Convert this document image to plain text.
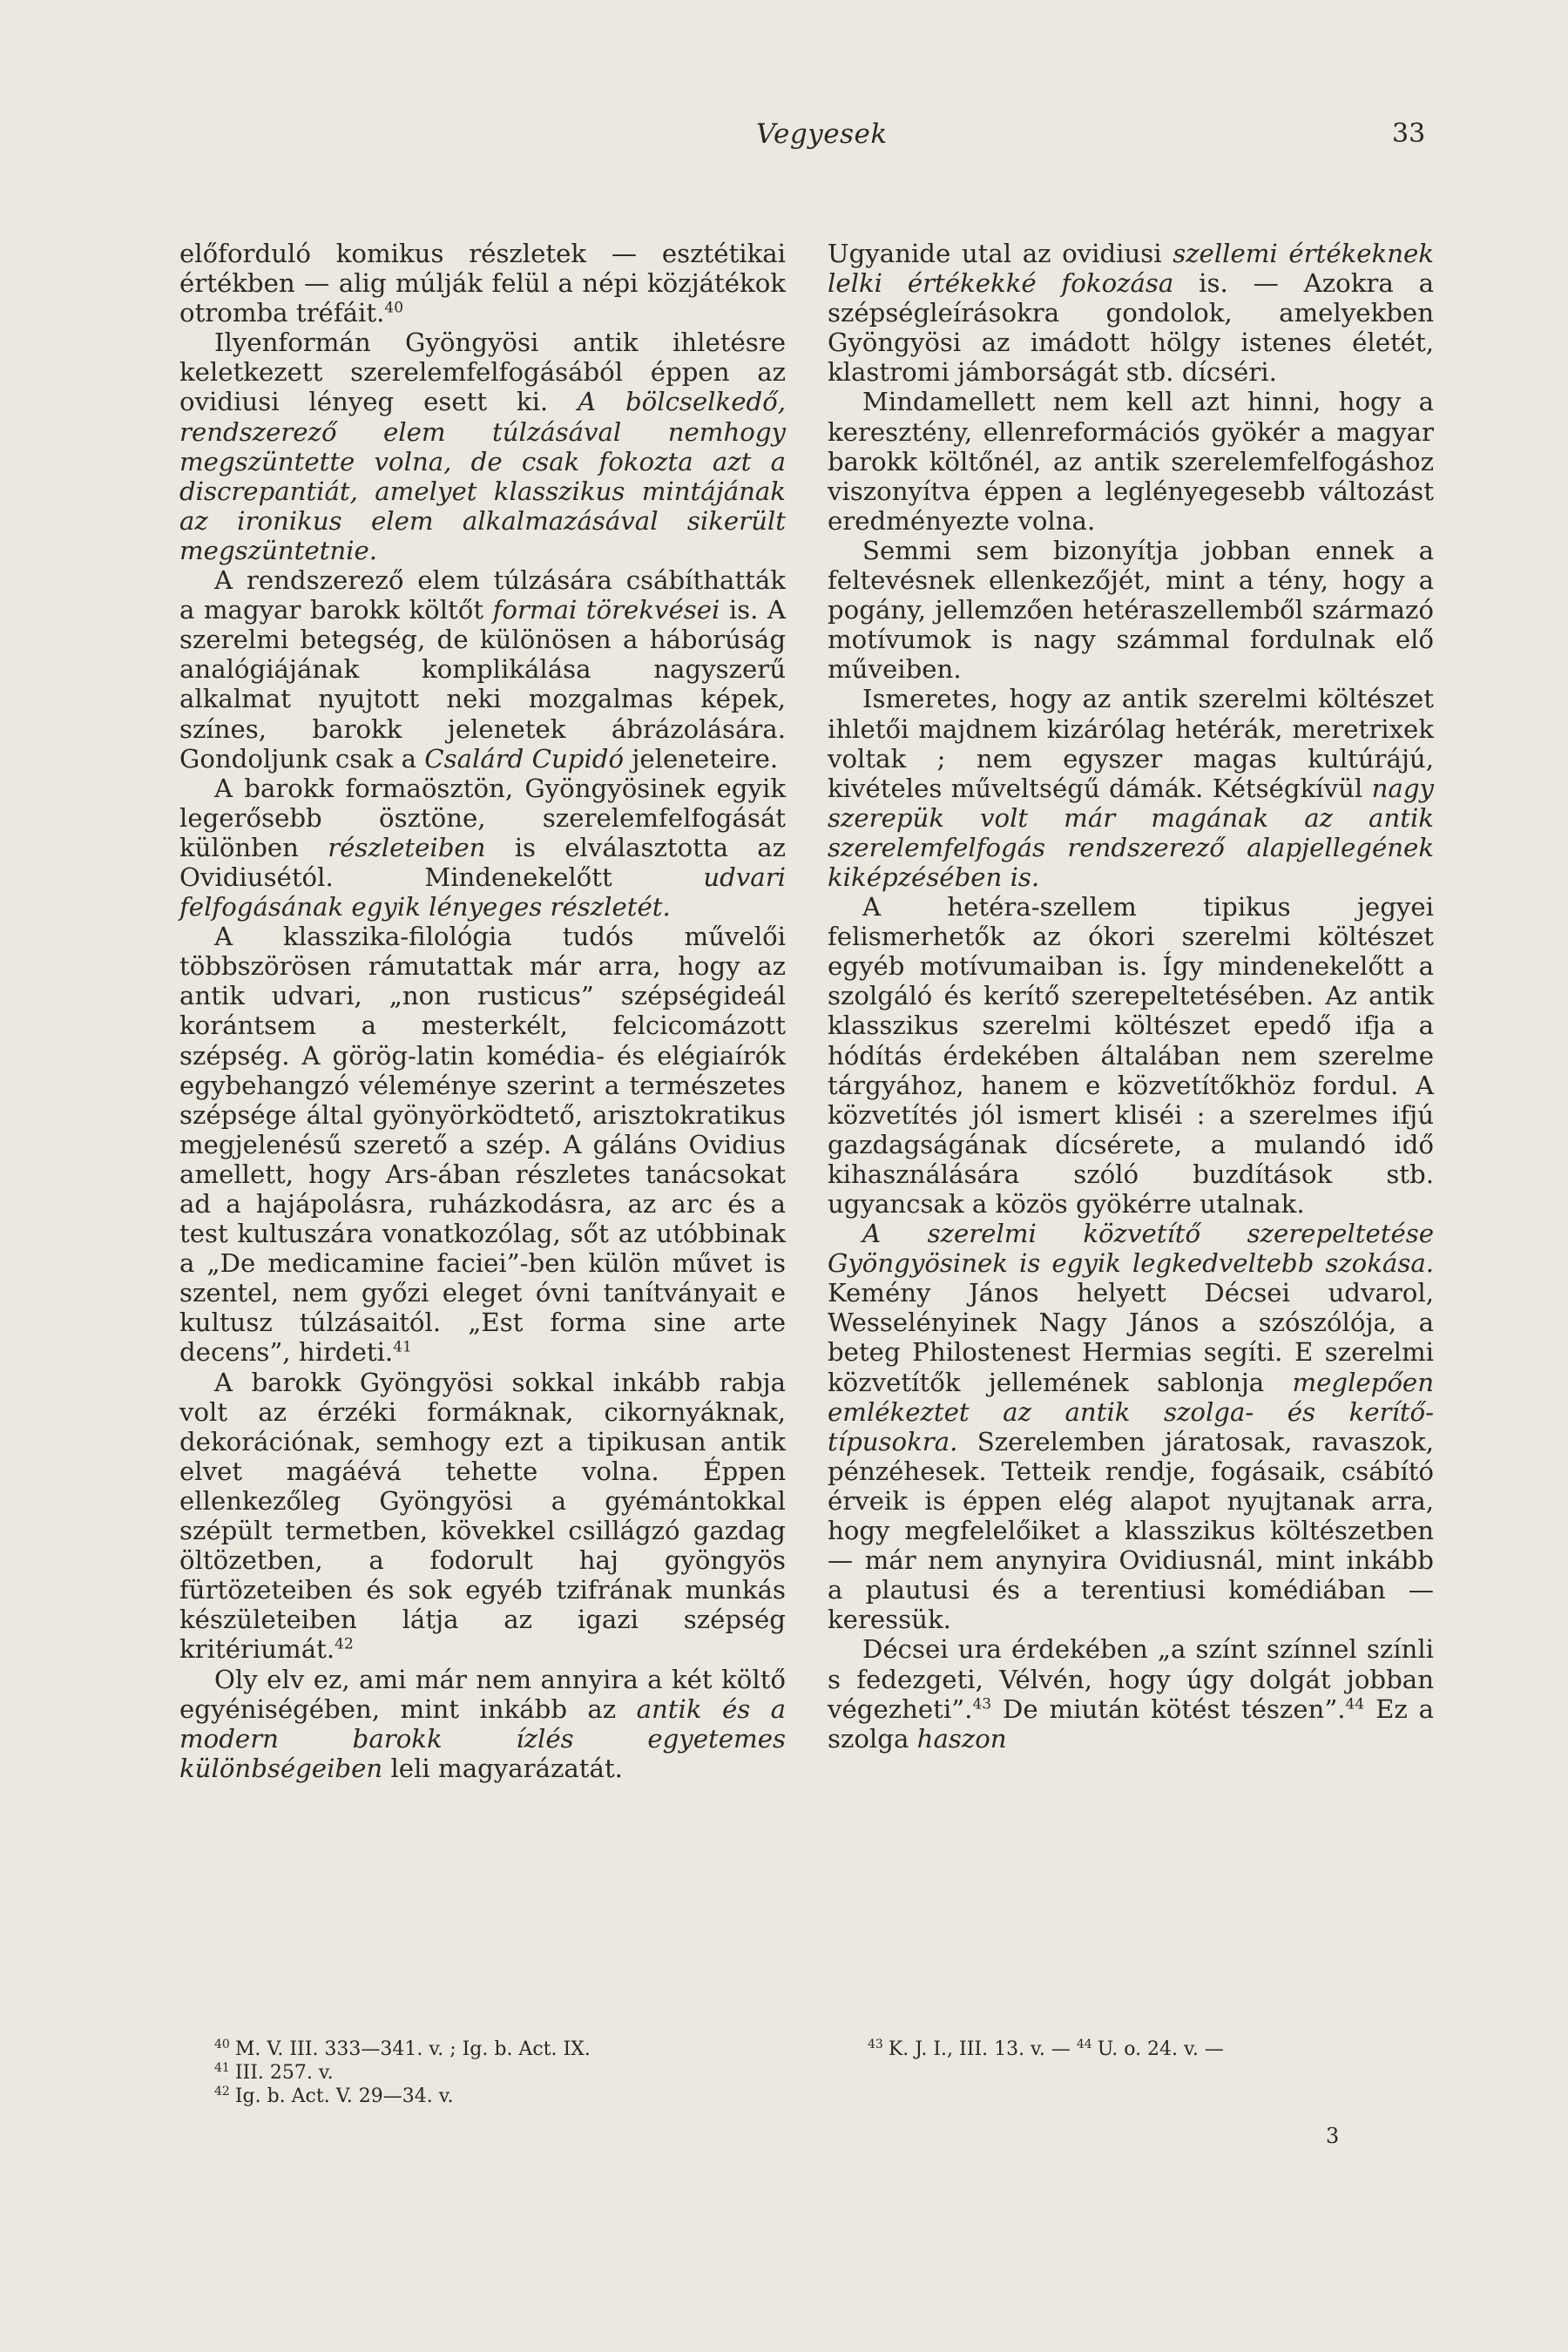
Vegyesek	33

előforduló komikus részletek — esztétikai értékben — alig múlják felül a népi közjátékok otromba tréfáit.$^{40}$

Ilyenformán Gyöngyösi antik ihletésre keletkezett szerelemfelfogásából éppen az ovidiusi lényeg esett ki. A bölcselkedő, rendszerező elem túlzásával nemhogy megszüntette volna, de csak fokozta azt a discrepantiát, amelyet klasszikus mintájának az ironikus elem alkalmazásával sikerült megszüntetnie.

A rendszerező elem túlzására csábíthatták a magyar barokk költőt formai törekvései is. A szerelmi betegség, de különösen a háborúság analógiájának komplikálása nagyszerű alkalmat nyujtott neki mozgalmas képek, színes, barokk jelenetek ábrázolására. Gondoljunk csak a Csalárd Cupidó jeleneteire.

A barokk formaösztön, Gyöngyösinek egyik legerősebb ösztöne, szerelemfelfogását különben részleteiben is elválasztotta az Ovidiusétól. Mindenekelőtt	udvari felfogásának egyik lényeges részletét.

A klasszika-filológia tudós művelői többszörösen rámutattak már arra, hogy az antik udvari, „non rusticus” szépségideál korántsem a mesterkélt, felcicomázott szépség. A görög-latin komédia- és elégiaírók egybehangzó véleménye szerint a természetes szépsége által gyönyörködtető, arisztokratikus megjelenésű szerető a szép. A gáláns Ovidius amellett, hogy Ars-ában részletes tanácsokat ad a hajápolásra, ruházkodásra, az arc és a test kultuszára vonatkozólag, sőt az utóbbinak a „De medicamine faciei”-ben külön művet is szentel, nem győzi eleget óvni tanítványait e kultusz túlzásaitól. „Est forma sine arte decens”, hirdeti.$^{41}$

A barokk Gyöngyösi sokkal inkább rabja volt az érzéki formáknak, cikornyáknak, dekorációnak, semhogy ezt a tipikusan antik elvet magáévá tehette volna. Éppen ellenkezőleg Gyöngyösi a gyémántokkal szépült termetben, kövekkel csillágzó gazdag öltözetben, a fodorult haj gyöngyös fürtözeteiben és sok egyéb tzifrának munkás készületeiben látja az igazi szépség kritériumát.$^{42}$

Oly elv ez, ami már nem annyira a két költő egyéniségében, mint inkább az antik és a modern barokk ízlés egyetemes különbségeiben leli magyarázatát.

Ugyanide utal az ovidiusi szellemi értékeknek lelki értékekké fokozása is. — Azokra a szépségleírásokra gondolok, amelyekben Gyöngyösi az imádott hölgy istenes életét, klastromi jámborságát stb. dícséri.

Mindamellett nem kell azt hinni, hogy a keresztény, ellenreformációs gyökér a magyar barokk költőnél, az antik szerelemfelfogáshoz viszonyítva éppen a leglényegesebb változást eredményezte volna.

Semmi sem bizonyítja jobban ennek a feltevésnek ellenkezőjét, mint a tény, hogy a pogány, jellemzően hetéraszellemből származó motívumok is nagy számmal fordulnak elő műveiben.

Ismeretes, hogy az antik szerelmi költészet ihletői majdnem kizárólag hetérák, meretrixek voltak ; nem egyszer magas kultúrájú, kivételes műveltségű dámák. Kétségkívül nagy szerepük volt már magának az antik szerelemfelfogás rendszerező alapjellegének kiképzésében is.

A hetéra-szellem tipikus jegyei felismerhetők az ókori szerelmi költészet egyéb motívumaiban is. Így mindenekelőtt a szolgáló és kerítő szerepeltetésében. Az antik klasszikus szerelmi költészet epedő ifja a hódítás érdekében általában nem szerelme tárgyához, hanem e közvetítőkhöz fordul. A közvetítés jól ismert kliséi : a szerelmes ifjú gazdagságának dícsérete, a mulandó idő kihasználására szóló buzdítások stb. ugyancsak a közös gyökérre utalnak.

A szerelmi közvetítő szerepeltetése Gyöngyösinek is egyik legkedveltebb szokása. Kemény János helyett Décsei udvarol, Wesselényinek Nagy János a szószólója, a beteg Philostenest Hermias segíti. E szerelmi közvetítők jellemének sablonja meglepően emlékeztet az antik szolga- és kerítő-típusokra. Szerelemben járatosak, ravaszok, pénzéhesek. Tetteik rendje, fogásaik, csábító érveik is éppen elég alapot nyujtanak arra, hogy megfelelőiket a klasszikus költészetben — már nem anynyira Ovidiusnál, mint inkább a plautusi és a terentiusi komédiában — keressük.

Décsei ura érdekében „a színt színnel színli s fedezgeti, Vélvén, hogy úgy dolgát jobban végezheti”.$^{43}$ De miután kötést tészen”.$^{44}$ Ez a szolga haszon

$^{40}$ M. V. III. 333—341. v. ; Ig. b. Act. IX.
$^{41}$ III. 257. v.
$^{42}$ Ig. b. Act. V. 29—34. v.
$^{43}$ K. J. I., III. 13. v. — $^{44}$ U. o. 24. v. —
3
